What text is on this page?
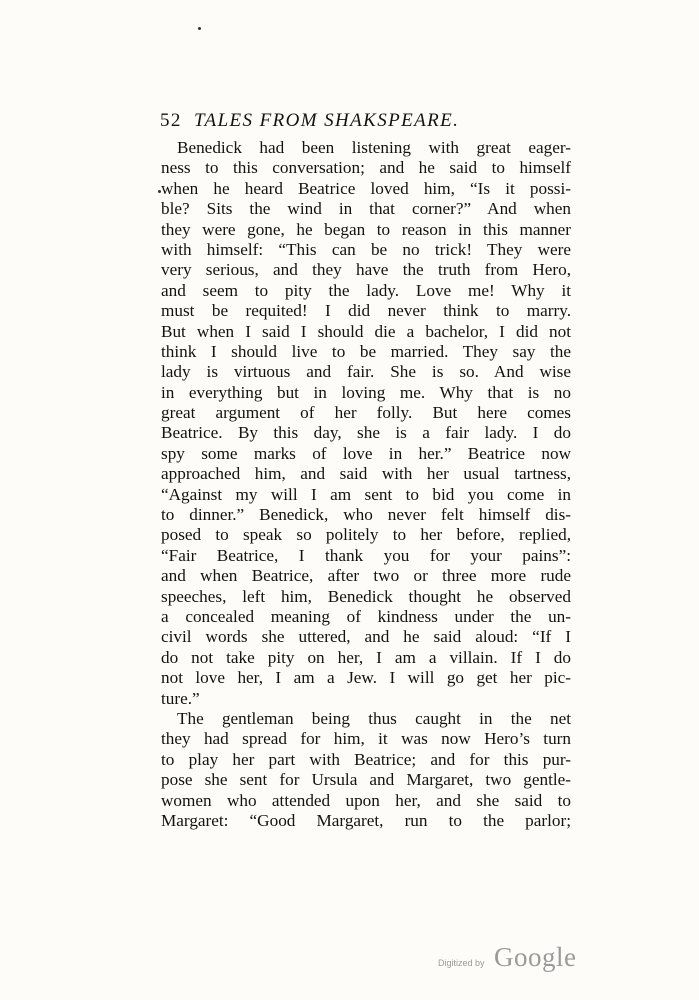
52 TALES FROM SHAKSPEARE.
Benedick had been listening with great eager-
ness to this conversation; and he said to himself
when he heard Beatrice loved him, “Is it possi-
ble? Sits the wind in that corner?” And when
they were gone, he began to reason in this manner
with himself: “This can be no trick! They were
very serious, and they have the truth from Hero,
and seem to pity the lady. Love me! Why it
must be requited! I did never think to marry.
But when I said I should die a bachelor, I did not
think I should live to be married. They say the
lady is virtuous and fair. She is so. And wise
in everything but in loving me. Why that is no
great argument of her folly. But here comes
Beatrice. By this day, she is a fair lady. I do
spy some marks of love in her.” Beatrice now
approached him, and said with her usual tartness,
“Against my will I am sent to bid you come in
to dinner.” Benedick, who never felt himself dis-
posed to speak so politely to her before, replied,
“Fair Beatrice, I thank you for your pains”:
and when Beatrice, after two or three more rude
speeches, left him, Benedick thought he observed
a concealed meaning of kindness under the un-
civil words she uttered, and he said aloud: “If I
do not take pity on her, I am a villain. If I do
not love her, I am a Jew. I will go get her pic-
ture.”
The gentleman being thus caught in the net
they had spread for him, it was now Hero’s turn
to play her part with Beatrice; and for this pur-
pose she sent for Ursula and Margaret, two gentle-
women who attended upon her, and she said to
Margaret: “Good Margaret, run to the parlor;
Digitized by Google
